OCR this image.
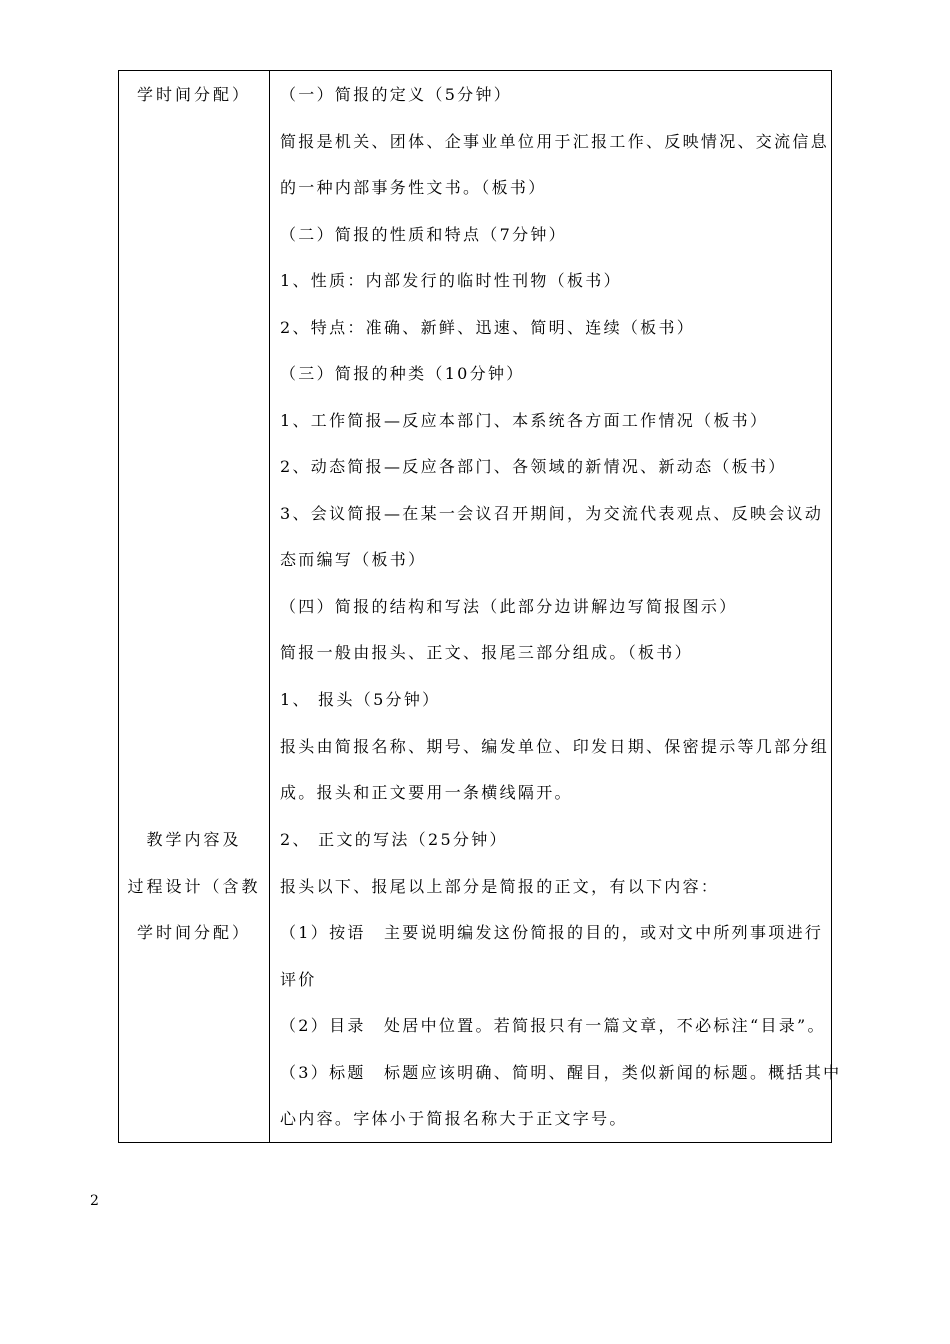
学时间分配）
教学内容及
过程设计（含教
学时间分配）
（一）简报的定义（5分钟）
简报是机关、团体、企事业单位用于汇报工作、反映情况、交流信息
的一种内部事务性文书。（板书）
（二）简报的性质和特点（7分钟）
1、性质：内部发行的临时性刊物（板书）
2、特点：准确、新鲜、迅速、简明、连续（板书）
（三）简报的种类（10分钟）
1、工作简报—反应本部门、本系统各方面工作情况（板书）
2、动态简报—反应各部门、各领域的新情况、新动态（板书）
3、会议简报—在某一会议召开期间，为交流代表观点、反映会议动
态而编写（板书）
（四）简报的结构和写法（此部分边讲解边写简报图示）
简报一般由报头、正文、报尾三部分组成。（板书）
1、 报头（5分钟）
报头由简报名称、期号、编发单位、印发日期、保密提示等几部分组
成。报头和正文要用一条横线隔开。
2、 正文的写法（25分钟）
报头以下、报尾以上部分是简报的正文，有以下内容：
（1）按语　主要说明编发这份简报的目的，或对文中所列事项进行
评价
（2）目录　处居中位置。若简报只有一篇文章，不必标注“目录”。
（3）标题　标题应该明确、简明、醒目，类似新闻的标题。概括其中
心内容。字体小于简报名称大于正文字号。
2
